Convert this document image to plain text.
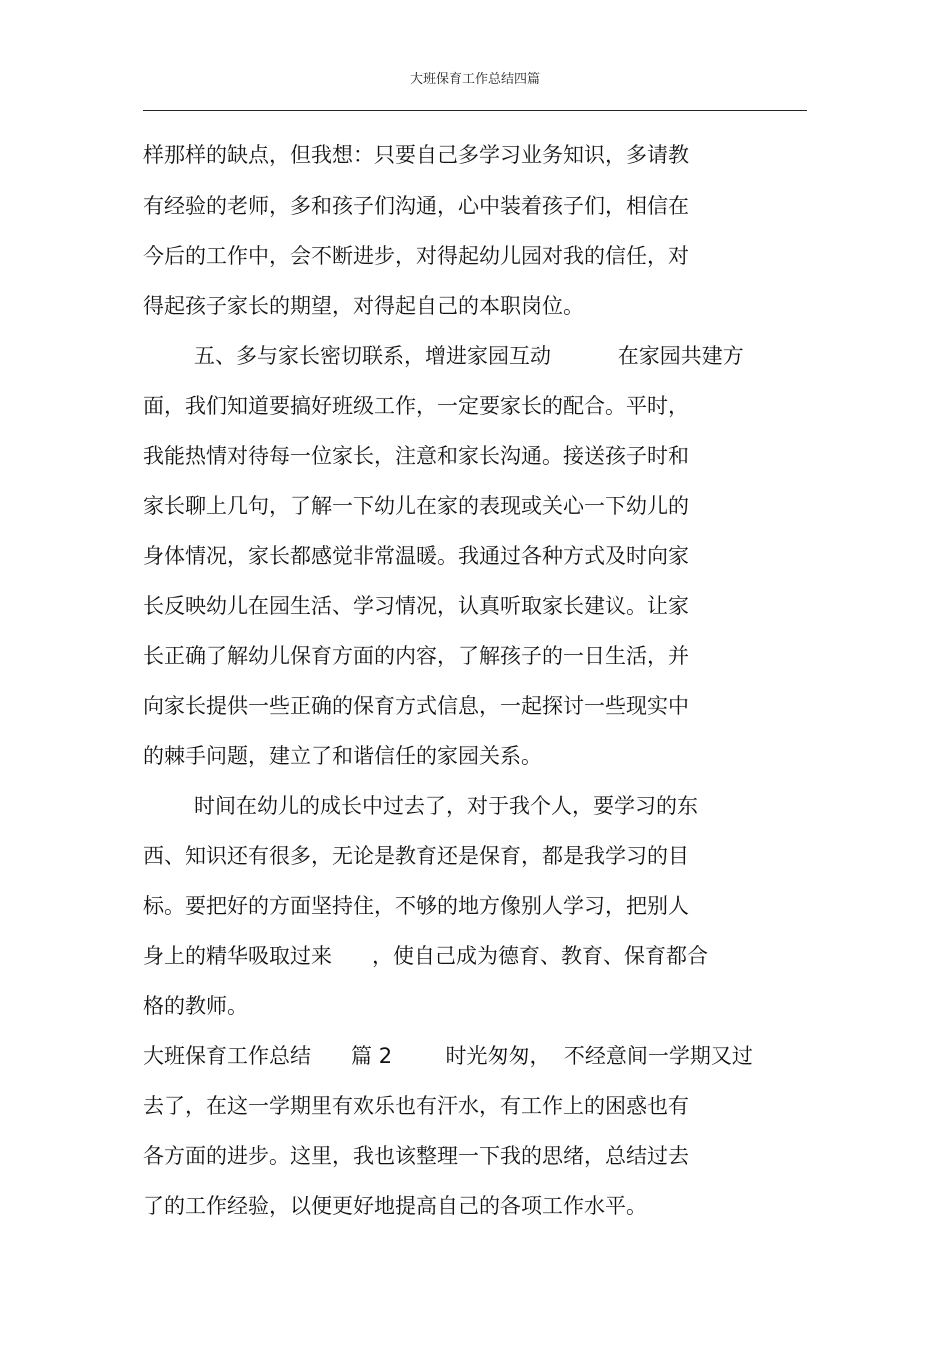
大班保育工作总结四篇
样那样的缺点，但我想：只要自己多学习业务知识，多请教
有经验的老师，多和孩子们沟通，心中装着孩子们，相信在
今后的工作中，会不断进步，对得起幼儿园对我的信任，对
得起孩子家长的期望，对得起自己的本职岗位。
五、多与家长密切联系，增进家园互动          在家园共建方
面，我们知道要搞好班级工作，一定要家长的配合。平时，
我能热情对待每一位家长，注意和家长沟通。接送孩子时和
家长聊上几句，了解一下幼儿在家的表现或关心一下幼儿的
身体情况，家长都感觉非常温暖。我通过各种方式及时向家
长反映幼儿在园生活、学习情况，认真听取家长建议。让家
长正确了解幼儿保育方面的内容，了解孩子的一日生活，并
向家长提供一些正确的保育方式信息，一起探讨一些现实中
的棘手问题，建立了和谐信任的家园关系。
时间在幼儿的成长中过去了，对于我个人，要学习的东
西、知识还有很多，无论是教育还是保育，都是我学习的目
标。要把好的方面坚持住，不够的地方像别人学习，把别人
身上的精华吸取过来      ，使自己成为德育、教育、保育都合
格的教师。
大班保育工作总结      篇 2        时光匆匆，  不经意间一学期又过
去了，在这一学期里有欢乐也有汗水，有工作上的困惑也有
各方面的进步。这里，我也该整理一下我的思绪，总结过去
了的工作经验，以便更好地提高自己的各项工作水平。
